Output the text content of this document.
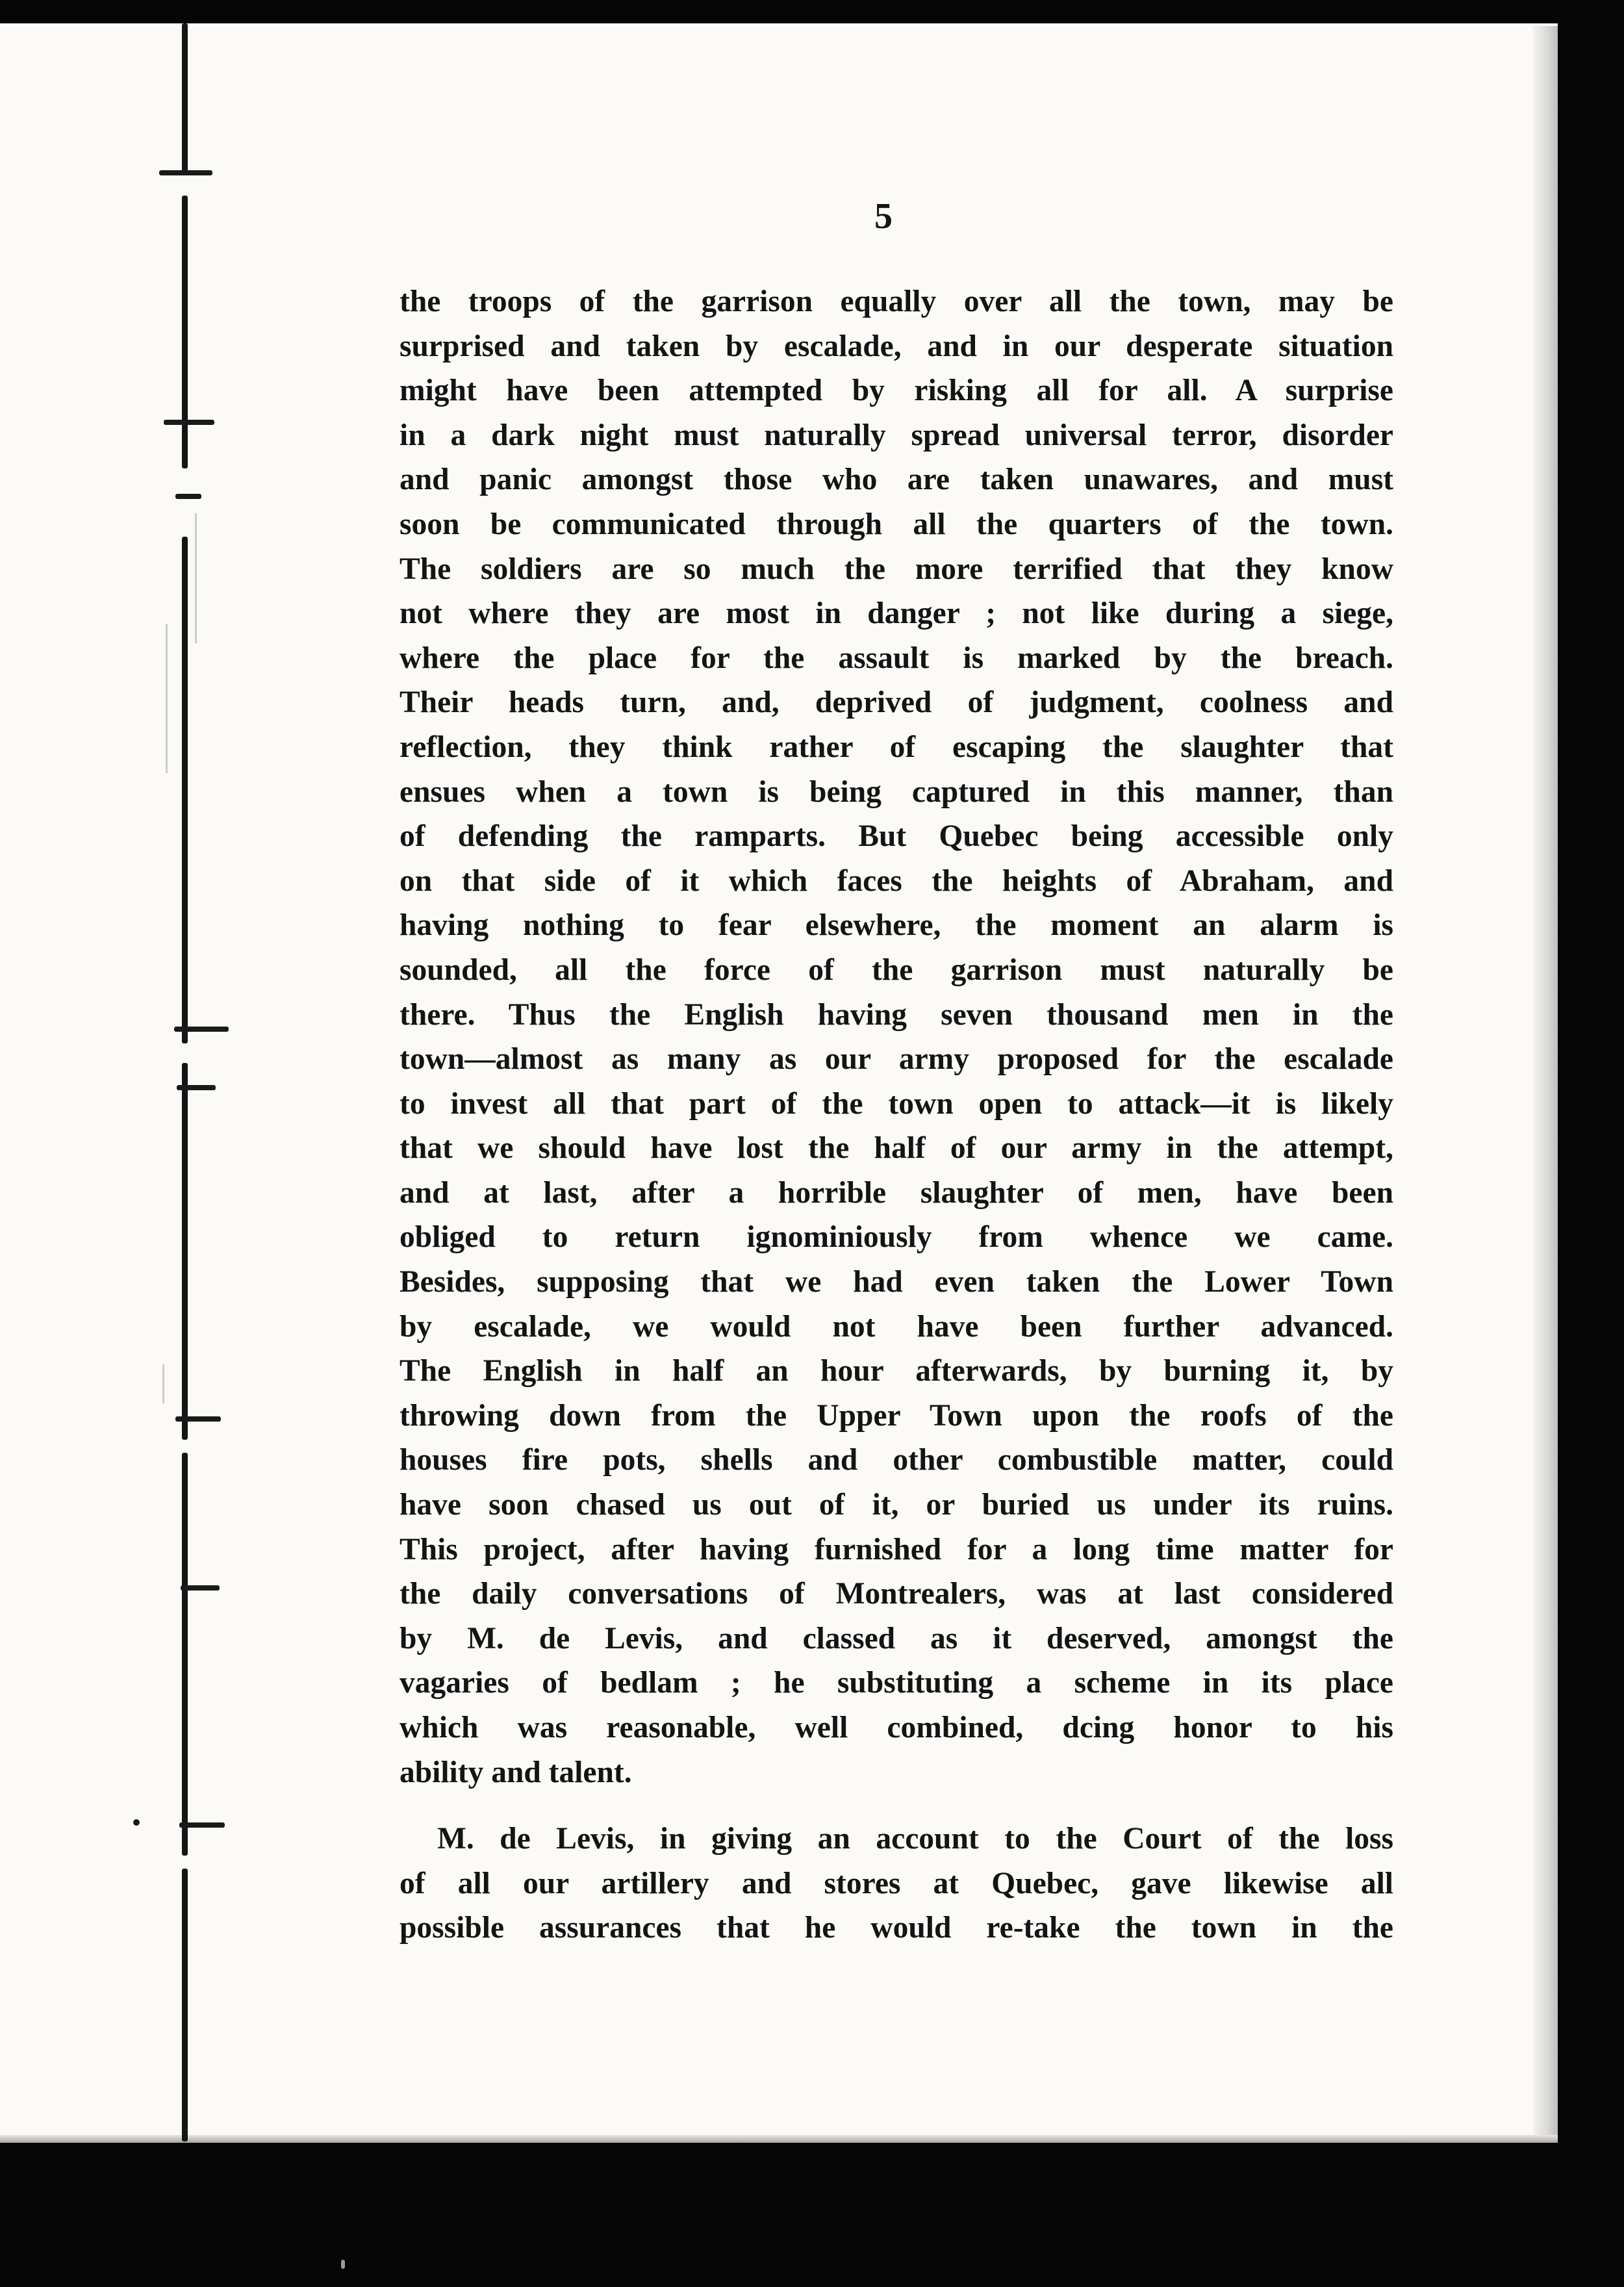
5
the troops of the garrison equally over all the town, may be
surprised and taken by escalade, and in our desperate situation
might have been attempted by risking all for all. A surprise
in a dark night must naturally spread universal terror, disorder
and panic amongst those who are taken unawares, and must
soon be communicated through all the quarters of the town.
The soldiers are so much the more terrified that they know
not where they are most in danger ; not like during a siege,
where the place for the assault is marked by the breach.
Their heads turn, and, deprived of judgment, coolness and
reflection, they think rather of escaping the slaughter that
ensues when a town is being captured in this manner, than
of defending the ramparts. But Quebec being accessible only
on that side of it which faces the heights of Abraham, and
having nothing to fear elsewhere, the moment an alarm is
sounded, all the force of the garrison must naturally be
there. Thus the English having seven thousand men in the
town—almost as many as our army proposed for the escalade
to invest all that part of the town open to attack—it is likely
that we should have lost the half of our army in the attempt,
and at last, after a horrible slaughter of men, have been
obliged to return ignominiously from whence we came.
Besides, supposing that we had even taken the Lower Town
by escalade, we would not have been further advanced.
The English in half an hour afterwards, by burning it, by
throwing down from the Upper Town upon the roofs of the
houses fire pots, shells and other combustible matter, could
have soon chased us out of it, or buried us under its ruins.
This project, after having furnished for a long time matter for
the daily conversations of Montrealers, was at last considered
by M. de Levis, and classed as it deserved, amongst the
vagaries of bedlam ; he substituting a scheme in its place
which was reasonable, well combined, dcing honor to his
ability and talent.
M. de Levis, in giving an account to the Court of the loss
of all our artillery and stores at Quebec, gave likewise all
possible assurances that he would re-take the town in the
